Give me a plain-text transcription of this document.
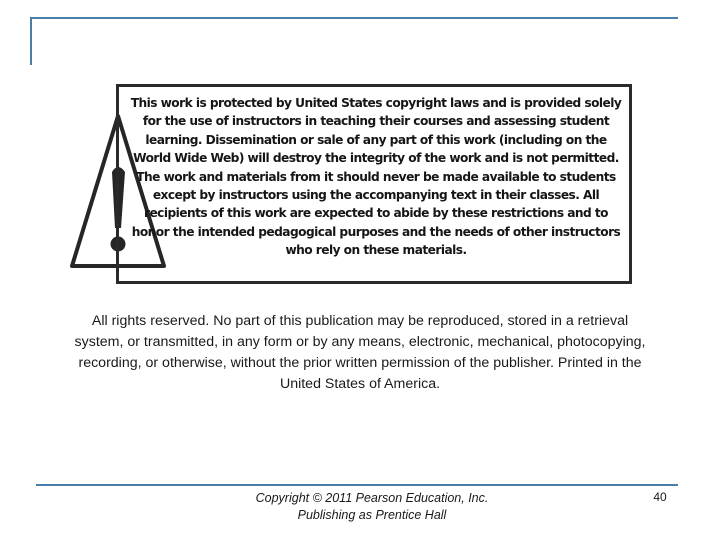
This work is protected by United States copyright laws and is provided solely for the use of instructors in teaching their courses and assessing student learning. Dissemination or sale of any part of this work (including on the World Wide Web) will destroy the integrity of the work and is not permitted. The work and materials from it should never be made available to students except by instructors using the accompanying text in their classes. All recipients of this work are expected to abide by these restrictions and to honor the intended pedagogical purposes and the needs of other instructors who rely on these materials.

All rights reserved. No part of this publication may be reproduced, stored in a retrieval system, or transmitted, in any form or by any means, electronic, mechanical, photocopying, recording, or otherwise, without the prior written permission of the publisher. Printed in the United States of America.

Copyright © 2011 Pearson Education, Inc.
Publishing as Prentice Hall
40
